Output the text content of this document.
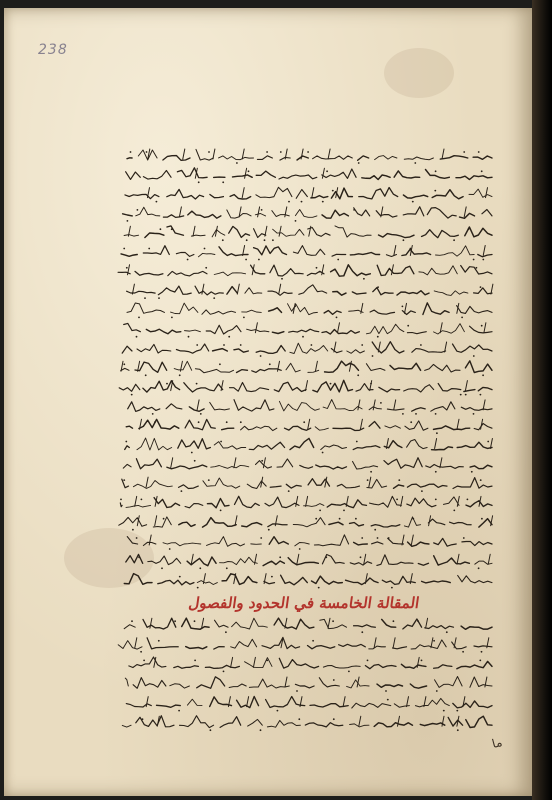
238
المقالة الخامسة في الحدود والفصول
ما
